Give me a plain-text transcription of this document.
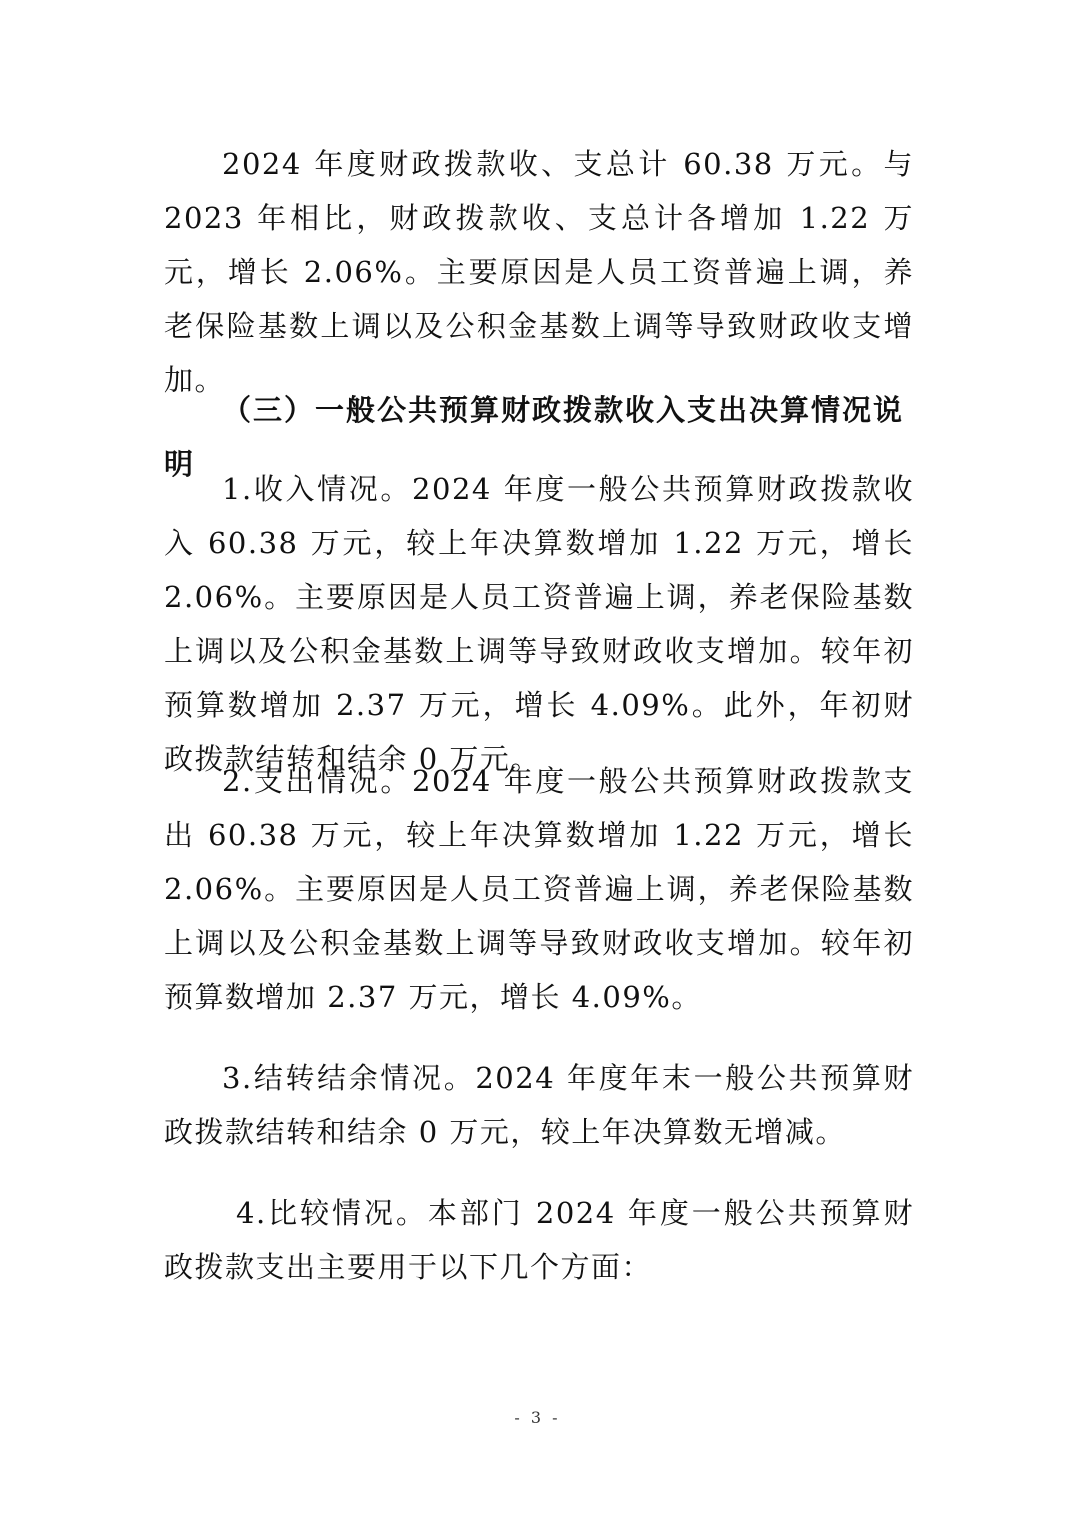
2024 年度财政拨款收、支总计 60.38 万元。与 2023 年相比，财政拨款收、支总计各增加 1.22 万元，增长 2.06%。主要原因是人员工资普遍上调，养老保险基数上调以及公积金基数上调等导致财政收支增加。

（三）一般公共预算财政拨款收入支出决算情况说明

1.收入情况。2024 年度一般公共预算财政拨款收入 60.38 万元，较上年决算数增加 1.22 万元，增长 2.06%。主要原因是人员工资普遍上调，养老保险基数上调以及公积金基数上调等导致财政收支增加。较年初预算数增加 2.37 万元，增长 4.09%。此外，年初财政拨款结转和结余 0 万元。

2.支出情况。2024 年度一般公共预算财政拨款支出 60.38 万元，较上年决算数增加 1.22 万元，增长 2.06%。主要原因是人员工资普遍上调，养老保险基数上调以及公积金基数上调等导致财政收支增加。较年初预算数增加 2.37 万元，增长 4.09%。

3.结转结余情况。2024 年度年末一般公共预算财政拨款结转和结余 0 万元，较上年决算数无增减。

4.比较情况。本部门 2024 年度一般公共预算财政拨款支出主要用于以下几个方面：

- 3 -
